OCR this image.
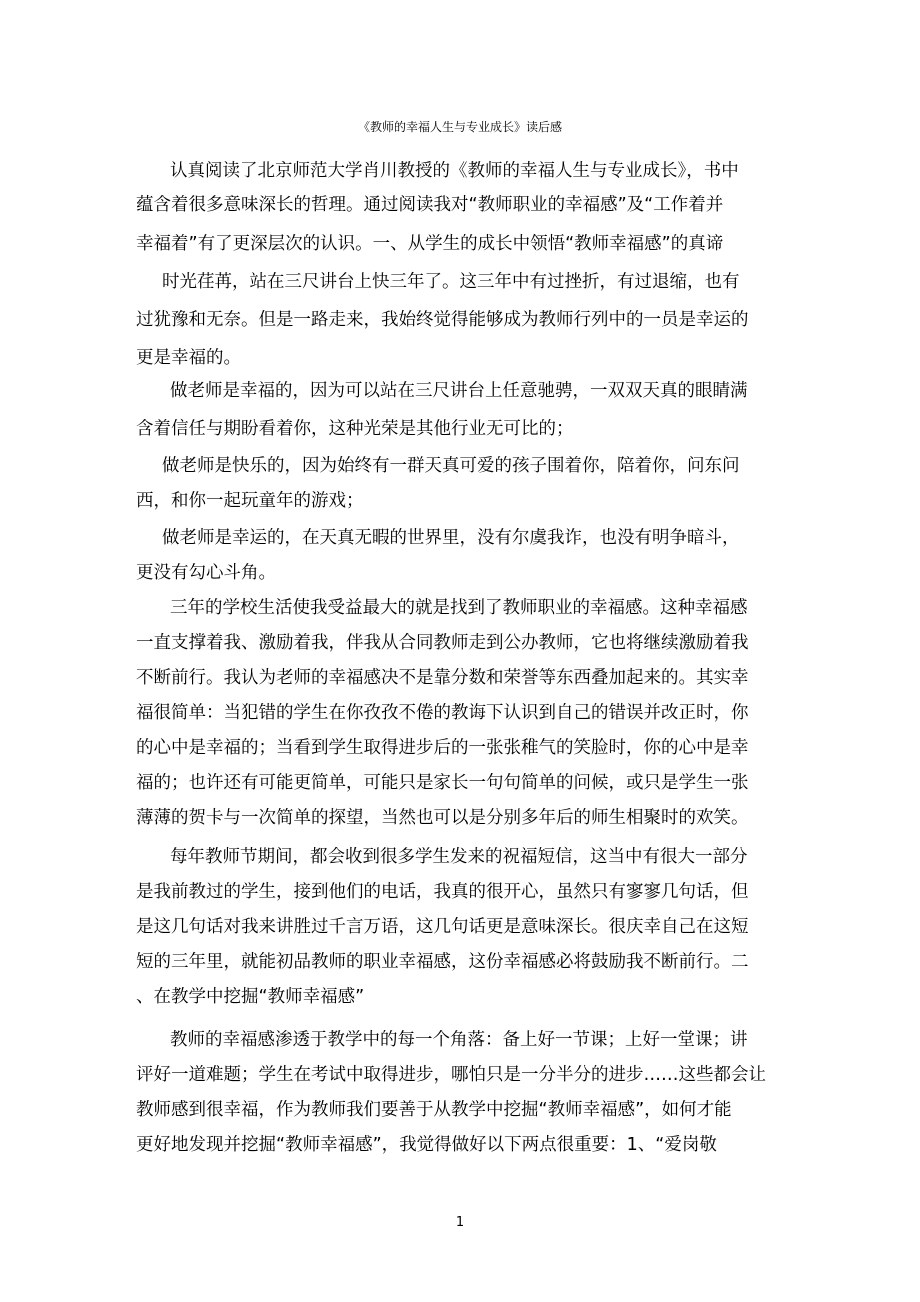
《教师的幸福人生与专业成长》读后感
认真阅读了北京师范大学肖川教授的《教师的幸福人生与专业成长》，书中
蕴含着很多意味深长的哲理。通过阅读我对“教师职业的幸福感”及“工作着并
幸福着”有了更深层次的认识。一、从学生的成长中领悟“教师幸福感”的真谛
时光荏苒，站在三尺讲台上快三年了。这三年中有过挫折，有过退缩，也有
过犹豫和无奈。但是一路走来，我始终觉得能够成为教师行列中的一员是幸运的
更是幸福的。
做老师是幸福的，因为可以站在三尺讲台上任意驰骋，一双双天真的眼睛满
含着信任与期盼看着你，这种光荣是其他行业无可比的；
做老师是快乐的，因为始终有一群天真可爱的孩子围着你，陪着你，问东问
西，和你一起玩童年的游戏；
做老师是幸运的，在天真无暇的世界里，没有尔虞我诈，也没有明争暗斗，
更没有勾心斗角。
三年的学校生活使我受益最大的就是找到了教师职业的幸福感。这种幸福感
一直支撑着我、激励着我，伴我从合同教师走到公办教师，它也将继续激励着我
不断前行。我认为老师的幸福感决不是靠分数和荣誉等东西叠加起来的。其实幸
福很简单：当犯错的学生在你孜孜不倦的教诲下认识到自己的错误并改正时，你
的心中是幸福的；当看到学生取得进步后的一张张稚气的笑脸时，你的心中是幸
福的；也许还有可能更简单，可能只是家长一句句简单的问候，或只是学生一张
薄薄的贺卡与一次简单的探望，当然也可以是分别多年后的师生相聚时的欢笑。
每年教师节期间，都会收到很多学生发来的祝福短信，这当中有很大一部分
是我前教过的学生，接到他们的电话，我真的很开心，虽然只有寥寥几句话，但
是这几句话对我来讲胜过千言万语，这几句话更是意味深长。很庆幸自己在这短
短的三年里，就能初品教师的职业幸福感，这份幸福感必将鼓励我不断前行。二
、在教学中挖掘“教师幸福感”
教师的幸福感渗透于教学中的每一个角落：备上好一节课；上好一堂课；讲
评好一道难题；学生在考试中取得进步，哪怕只是一分半分的进步……这些都会让
教师感到很幸福，作为教师我们要善于从教学中挖掘“教师幸福感”，如何才能
更好地发现并挖掘“教师幸福感”，我觉得做好以下两点很重要：1、“爱岗敬
1
